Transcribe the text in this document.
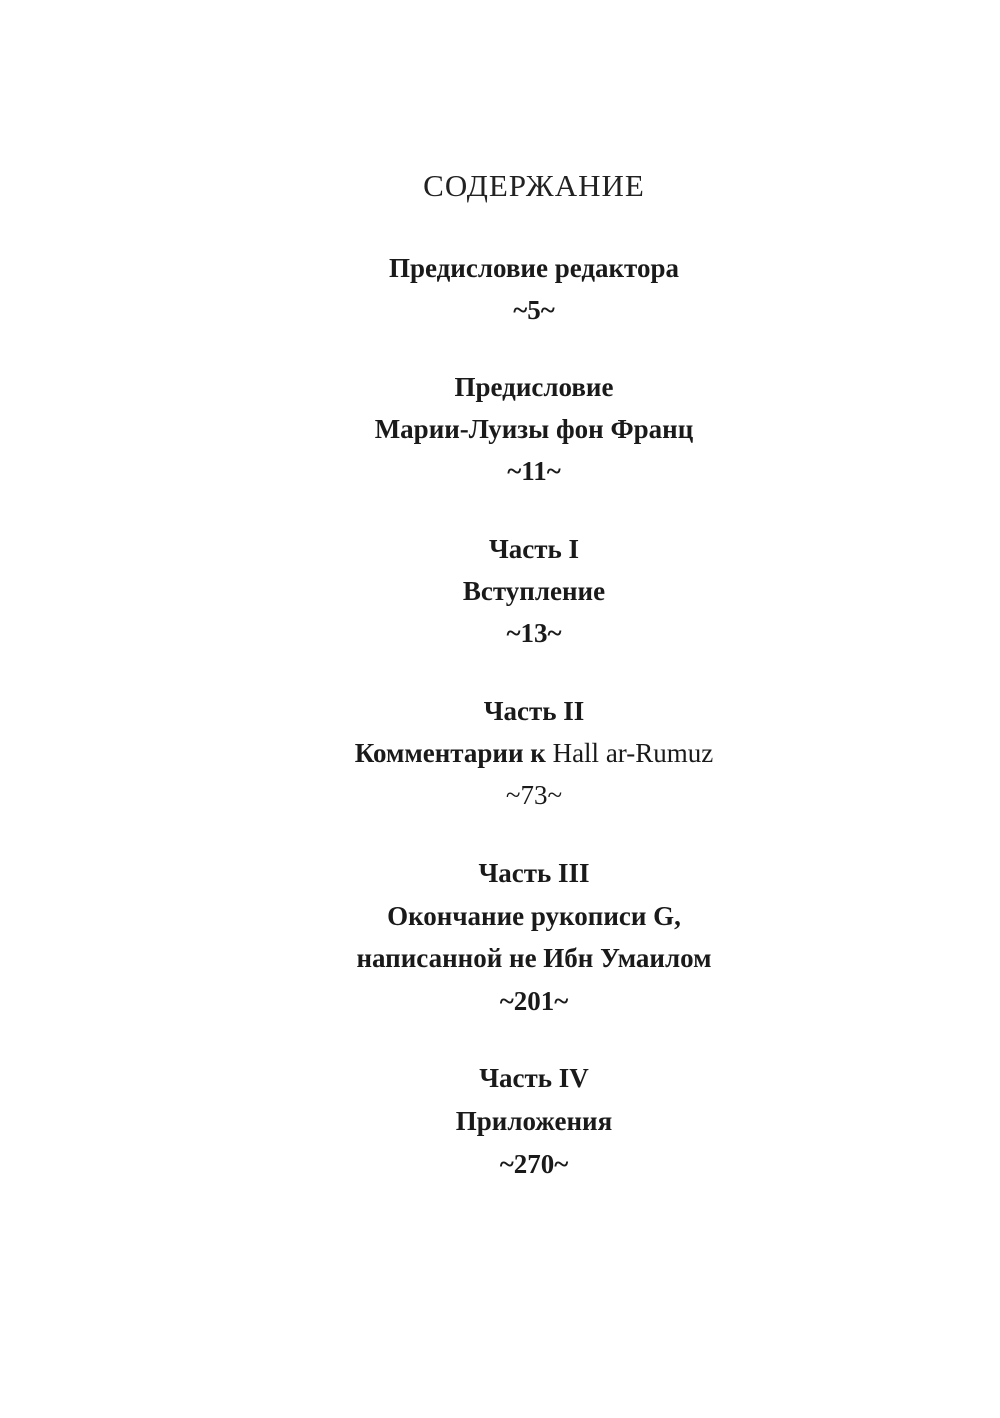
СОДЕРЖАНИЕ
Предисловие редактора
~5~
Предисловие
Марии-Луизы фон Франц
~11~
Часть I
Вступление
~13~
Часть II
Комментарии к Hall ar-Rumuz
~73~
Часть III
Окончание рукописи G,
написанной не Ибн Умаилом
~201~
Часть IV
Приложения
~270~
